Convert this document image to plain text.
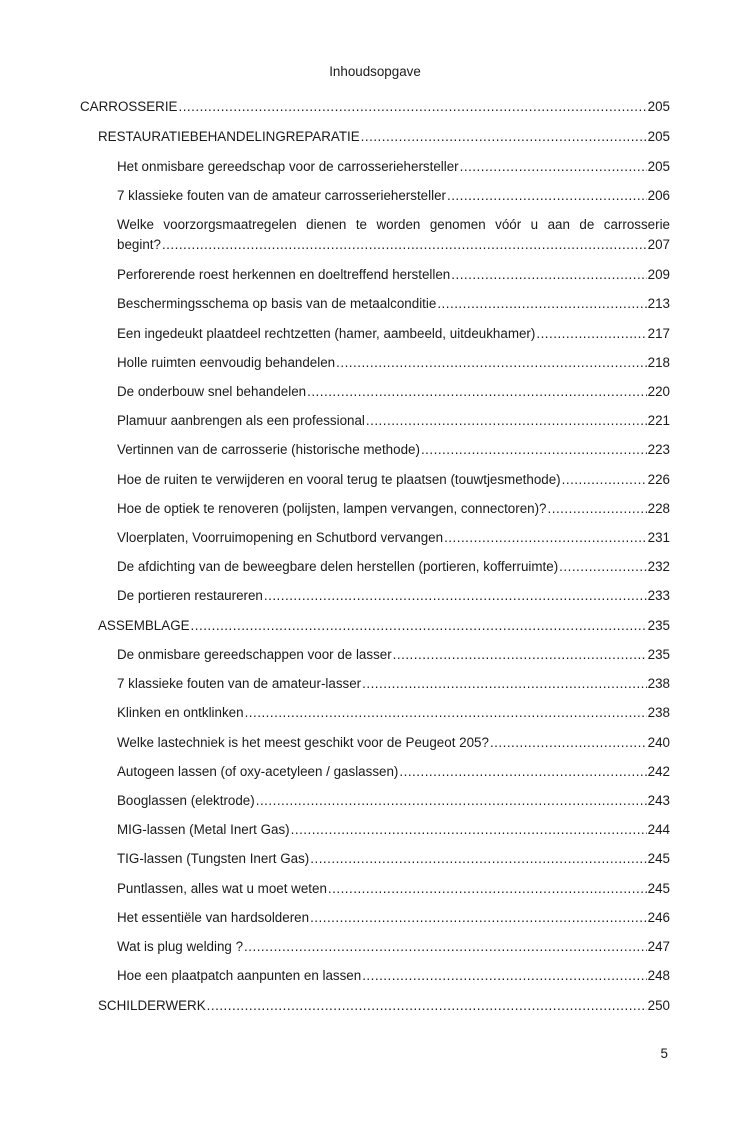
Inhoudsopgave
CARROSSERIE .....	205
RESTAURATIEBEHANDELINGREPARATIE .....	205
Het onmisbare gereedschap voor de carrosseriehersteller .....	205
7 klassieke fouten van de amateur carrosseriehersteller .....	206
Welke voorzorgsmaatregelen dienen te worden genomen vóór u aan de carrosserie
begint? .....	207
Perforerende roest herkennen en doeltreffend herstellen .....	209
Beschermingsschema op basis van de metaalconditie .....	213
Een ingedeukt plaatdeel rechtzetten (hamer, aambeeld, uitdeukhamer) .....	217
Holle ruimten eenvoudig behandelen .....	218
De onderbouw snel behandelen .....	220
Plamuur aanbrengen als een professional .....	221
Vertinnen van de carrosserie (historische methode) .....	223
Hoe de ruiten te verwijderen en vooral terug te plaatsen (touwtjesmethode) .....	226
Hoe de optiek te renoveren (polijsten, lampen vervangen, connectoren)? .....	228
Vloerplaten, Voorruimopening en Schutbord vervangen .....	231
De afdichting van de beweegbare delen herstellen (portieren, kofferruimte) .....	232
De portieren restaureren .....	233
ASSEMBLAGE .....	235
De onmisbare gereedschappen voor de lasser .....	235
7 klassieke fouten van de amateur-lasser .....	238
Klinken en ontklinken .....	238
Welke lastechniek is het meest geschikt voor de Peugeot 205? .....	240
Autogeen lassen (of oxy-acetyleen / gaslassen) .....	242
Booglassen (elektrode) .....	243
MIG-lassen (Metal Inert Gas) .....	244
TIG-lassen (Tungsten Inert Gas) .....	245
Puntlassen, alles wat u moet weten .....	245
Het essentiële van hardsolderen .....	246
Wat is plug welding ? .....	247
Hoe een plaatpatch aanpunten en lassen .....	248
SCHILDERWERK .....	250
5
